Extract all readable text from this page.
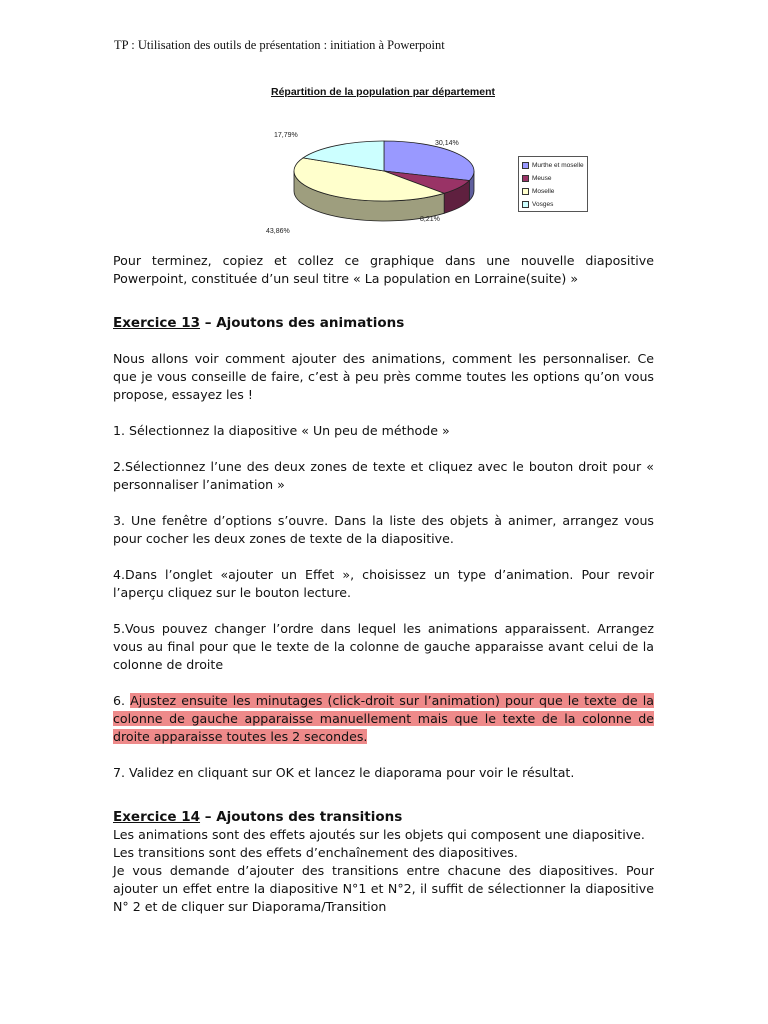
TP : Utilisation des outils de présentation : initiation à Powerpoint
Répartition de la population par département
30,14%
8,21%
43,86%
17,79%
Murthe et moselle
Meuse
Moselle
Vosges

Pour terminez, copiez et collez ce graphique dans une nouvelle diapositive Powerpoint, constituée d’un seul titre « La population en Lorraine(suite) »

Exercice 13 – Ajoutons des animations

Nous allons voir comment ajouter des animations, comment les personnaliser. Ce que je vous conseille de faire, c’est à peu près comme toutes les options qu’on vous propose, essayez les !

1. Sélectionnez la diapositive « Un peu de méthode »

2.Sélectionnez l’une des deux zones de texte et cliquez avec le bouton droit pour « personnaliser l’animation »

3. Une fenêtre d’options s’ouvre. Dans la liste des objets à animer, arrangez vous pour cocher les deux zones de texte de la diapositive.

4.Dans l’onglet «ajouter un Effet », choisissez un type d’animation. Pour revoir l’aperçu cliquez sur le bouton lecture.

5.Vous pouvez changer l’ordre dans lequel les animations apparaissent. Arrangez vous au final pour que le texte de la colonne de gauche apparaisse avant celui de la colonne de droite

6. Ajustez ensuite les minutages (click-droit sur l’animation) pour que le texte de la colonne de gauche apparaisse manuellement mais que le texte de la colonne de droite apparaisse toutes les 2 secondes.

7. Validez en cliquant sur OK et lancez le diaporama pour voir le résultat.

Exercice 14 – Ajoutons des transitions

Les animations sont des effets ajoutés sur les objets qui composent une diapositive.

Les transitions sont des effets d’enchaînement des diapositives.

Je vous demande d’ajouter des transitions entre chacune des diapositives. Pour ajouter un effet entre la diapositive N°1 et N°2, il suffit de sélectionner la diapositive N° 2 et de cliquer sur Diaporama/Transition
